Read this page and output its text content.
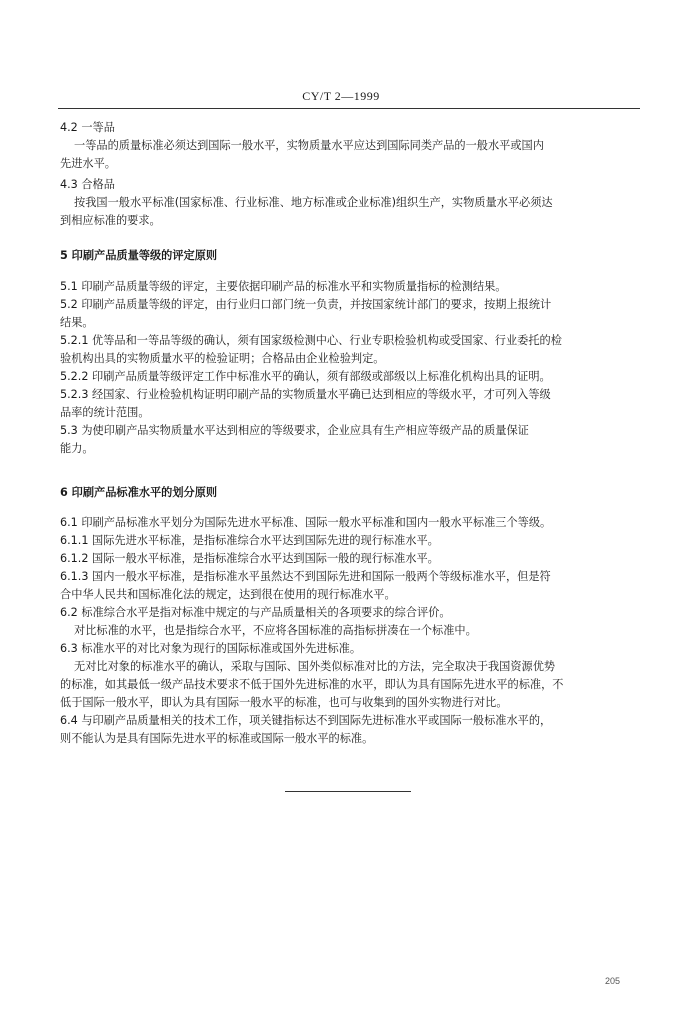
CY/T 2—1999
4.2 一等品
一等品的质量标准必须达到国际一般水平，实物质量水平应达到国际同类产品的一般水平或国内
先进水平。
4.3 合格品
按我国一般水平标准(国家标准、行业标准、地方标准或企业标准)组织生产，实物质量水平必须达
到相应标准的要求。
5 印刷产品质量等级的评定原则
5.1 印刷产品质量等级的评定，主要依据印刷产品的标准水平和实物质量指标的检测结果。
5.2 印刷产品质量等级的评定，由行业归口部门统一负责，并按国家统计部门的要求，按期上报统计
结果。
5.2.1 优等品和一等品等级的确认，须有国家级检测中心、行业专职检验机构或受国家、行业委托的检
验机构出具的实物质量水平的检验证明；合格品由企业检验判定。
5.2.2 印刷产品质量等级评定工作中标准水平的确认，须有部级或部级以上标准化机构出具的证明。
5.2.3 经国家、行业检验机构证明印刷产品的实物质量水平确已达到相应的等级水平，才可列入等级
品率的统计范围。
5.3 为使印刷产品实物质量水平达到相应的等级要求，企业应具有生产相应等级产品的质量保证
能力。
6 印刷产品标准水平的划分原则
6.1 印刷产品标准水平划分为国际先进水平标准、国际一般水平标准和国内一般水平标准三个等级。
6.1.1 国际先进水平标准，是指标准综合水平达到国际先进的现行标准水平。
6.1.2 国际一般水平标准，是指标准综合水平达到国际一般的现行标准水平。
6.1.3 国内一般水平标准，是指标准水平虽然达不到国际先进和国际一般两个等级标准水平，但是符
合中华人民共和国标准化法的规定，达到很在使用的现行标准水平。
6.2 标准综合水平是指对标准中规定的与产品质量相关的各项要求的综合评价。
对比标准的水平，也是指综合水平，不应将各国标准的高指标拼凑在一个标准中。
6.3 标准水平的对比对象为现行的国际标准或国外先进标准。
无对比对象的标准水平的确认，采取与国际、国外类似标准对比的方法，完全取决于我国资源优势
的标准，如其最低一级产品技术要求不低于国外先进标准的水平，即认为具有国际先进水平的标准，不
低于国际一般水平，即认为具有国际一般水平的标准，也可与收集到的国外实物进行对比。
6.4 与印刷产品质量相关的技术工作，项关键指标达不到国际先进标准水平或国际一般标准水平的，
则不能认为是具有国际先进水平的标准或国际一般水平的标准。
205
